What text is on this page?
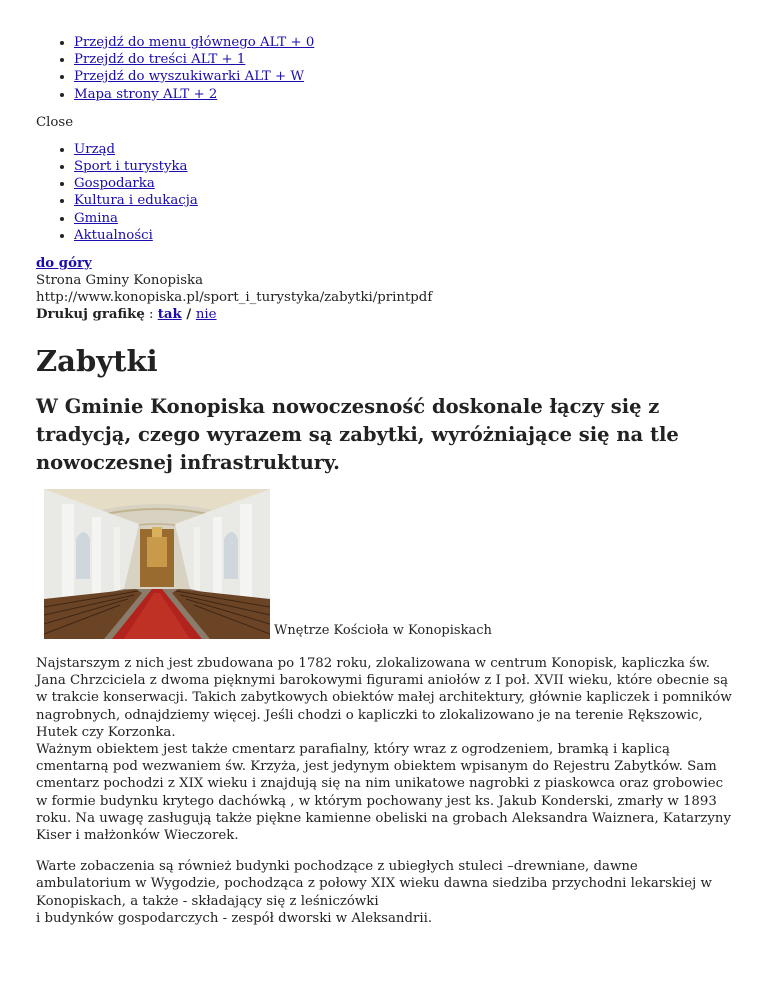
• Przejdź do menu głównego ALT + 0
• Przejdź do treści ALT + 1
• Przejdź do wyszukiwarki ALT + W
• Mapa strony ALT + 2
Close
• Urząd
• Sport i turystyka
• Gospodarka
• Kultura i edukacja
• Gmina
• Aktualności
do góry
Strona Gminy Konopiska
http://www.konopiska.pl/sport_i_turystyka/zabytki/printpdf
Drukuj grafikę : tak / nie
Zabytki
W Gminie Konopiska nowoczesność doskonale łączy się z tradycją, czego wyrazem są zabytki, wyróżniające się na tle nowoczesnej infrastruktury.
Wnętrze Kościoła w Konopiskach

Najstarszym z nich jest zbudowana po 1782 roku, zlokalizowana w centrum Konopisk, kapliczka św. Jana Chrzciciela z dwoma pięknymi barokowymi figurami aniołów z I poł. XVII wieku, które obecnie są w trakcie konserwacji. Takich zabytkowych obiektów małej architektury, głównie kapliczek i pomników nagrobnych, odnajdziemy więcej. Jeśli chodzi o kapliczki to zlokalizowano je na terenie Rększowic, Hutek czy Korzonka.
Ważnym obiektem jest także cmentarz parafialny, który wraz z ogrodzeniem, bramką i kaplicą cmentarną pod wezwaniem św. Krzyża, jest jedynym obiektem wpisanym do Rejestru Zabytków. Sam cmentarz pochodzi z XIX wieku i znajdują się na nim unikatowe nagrobki z piaskowca oraz grobowiec w formie budynku krytego dachówką , w którym pochowany jest ks. Jakub Konderski, zmarły w 1893 roku. Na uwagę zasługują także piękne kamienne obeliski na grobach Aleksandra Waiznera, Katarzyny Kiser i małżonków Wieczorek.

Warte zobaczenia są również budynki pochodzące z ubiegłych stuleci –drewniane, dawne ambulatorium w Wygodzie, pochodząca z połowy XIX wieku dawna siedziba przychodni lekarskiej w Konopiskach, a także - składający się z leśniczówki
i budynków gospodarczych - zespół dworski w Aleksandrii.
